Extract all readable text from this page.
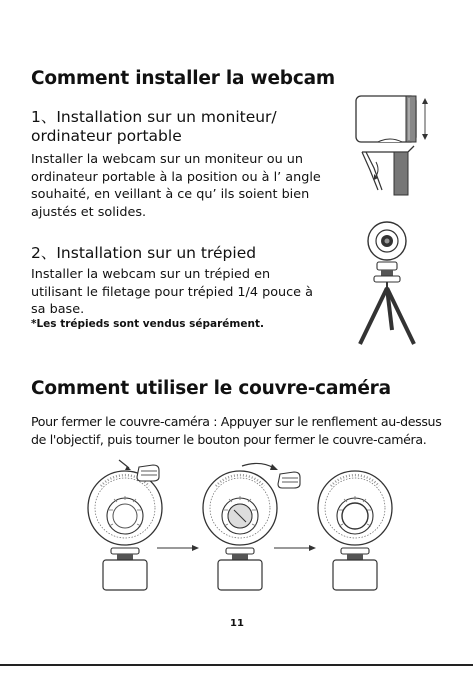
Comment installer la webcam
1、Installation sur un moniteur/
ordinateur portable
Installer la webcam sur un moniteur ou un
ordinateur portable à la position ou à l’ angle
souhaité, en veillant à ce qu’ ils soient bien
ajustés et solides.
2、Installation sur un trépied
Installer la webcam sur un trépied en
utilisant le filetage pour trépied 1/4 pouce à
sa base.
*Les trépieds sont vendus séparément.
Comment utiliser le couvre-caméra
Pour fermer le couvre-caméra : Appuyer sur le renflement au-dessus
de l'objectif, puis tourner le bouton pour fermer le couvre-caméra.
11
